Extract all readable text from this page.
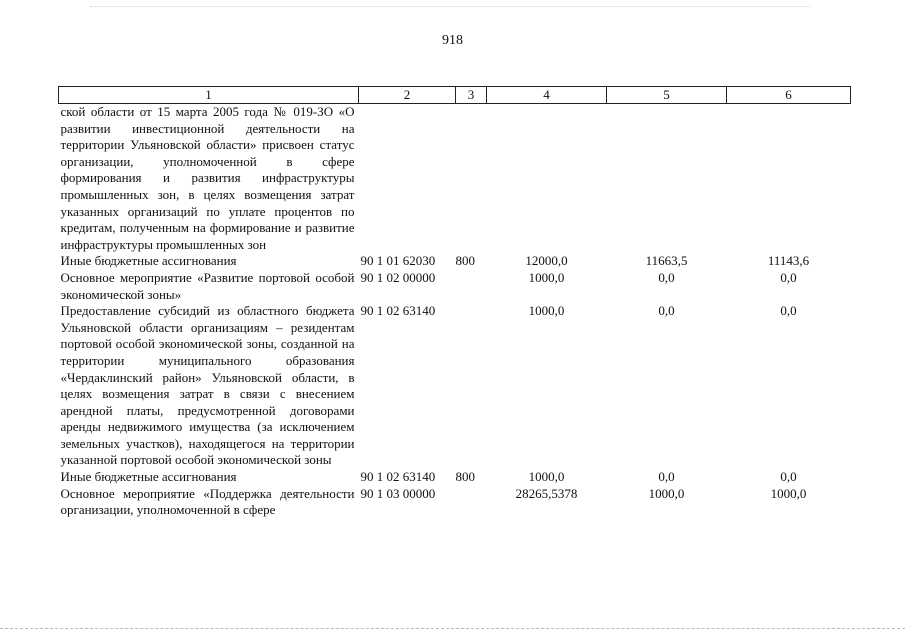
918
1	2	3	4	5	6
ской области от 15 марта 2005 года № 019-ЗО «О развитии инвестиционной деятельности на территории Ульяновской области» присвоен статус организации, уполномоченной в сфере формирования и развития инфраструктуры промышленных зон, в целях возмещения затрат указанных организаций по уплате процентов по кредитам, полученным на формирование и развитие инфраструктуры промышленных зон					
Иные бюджетные ассигнования	90 1 01 62030	800	12000,0	11663,5	11143,6
Основное мероприятие «Развитие портовой особой экономической зоны»	90 1 02 00000		1000,0	0,0	0,0
Предоставление субсидий из областного бюджета Ульяновской области организациям – резидентам портовой особой экономической зоны, созданной на территории муниципального образования «Чердаклинский район» Ульяновской области, в целях возмещения затрат в связи с внесением арендной платы, предусмотренной договорами аренды недвижимого имущества (за исключением земельных участков), находящегося на территории указанной портовой особой экономической зоны	90 1 02 63140		1000,0	0,0	0,0
Иные бюджетные ассигнования	90 1 02 63140	800	1000,0	0,0	0,0
Основное мероприятие «Поддержка деятельности организации, уполномоченной в сфере	90 1 03 00000		28265,5378	1000,0	1000,0
